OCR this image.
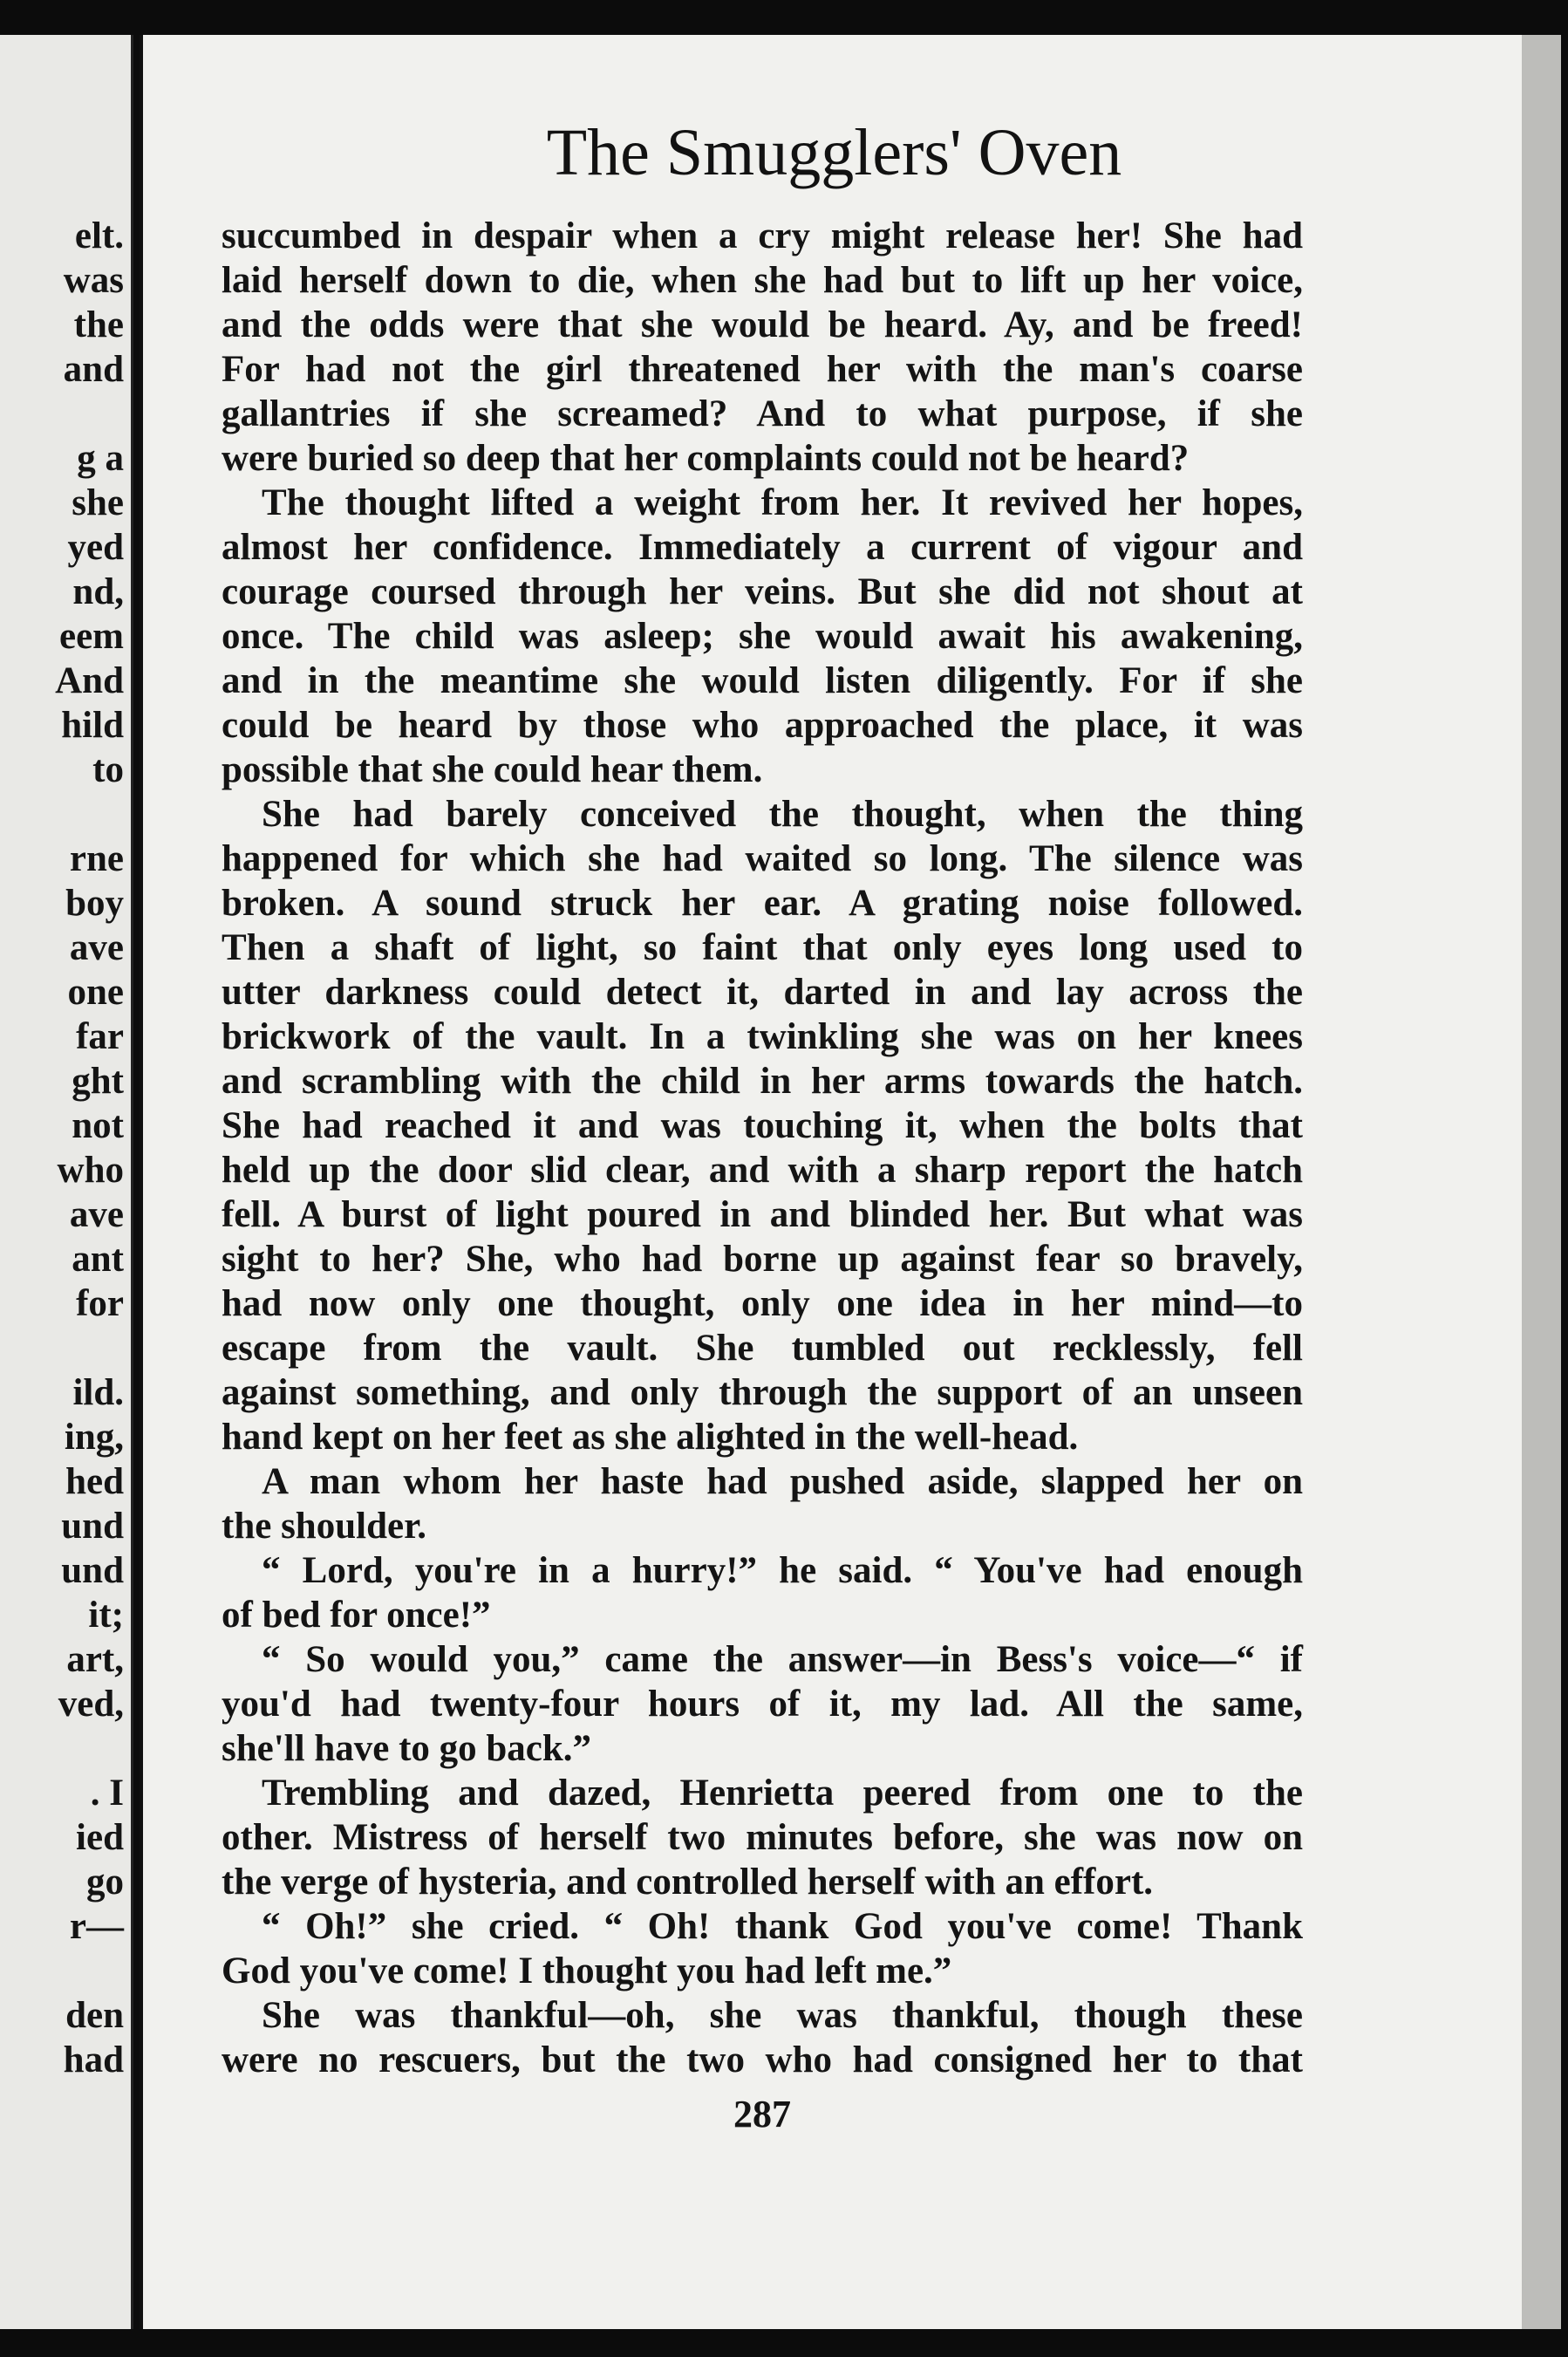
elt.
was
the
and
g a
she
yed
nd,
eem
And
hild
to
rne
boy
ave
one
far
ght
not
who
ave
ant
for
ild.
ing,
hed
und
und
it;
art,
ved,
. I
ied
go
r—
den
had
The Smugglers' Oven
succumbed in despair when a cry might release her! She had
laid herself down to die, when she had but to lift up her voice,
and the odds were that she would be heard. Ay, and be freed!
For had not the girl threatened her with the man's coarse
gallantries if she screamed? And to what purpose, if she
were buried so deep that her complaints could not be heard?
The thought lifted a weight from her. It revived her hopes,
almost her confidence. Immediately a current of vigour and
courage coursed through her veins. But she did not shout at
once. The child was asleep; she would await his awakening,
and in the meantime she would listen diligently. For if she
could be heard by those who approached the place, it was
possible that she could hear them.
She had barely conceived the thought, when the thing
happened for which she had waited so long. The silence was
broken. A sound struck her ear. A grating noise followed.
Then a shaft of light, so faint that only eyes long used to
utter darkness could detect it, darted in and lay across the
brickwork of the vault. In a twinkling she was on her knees
and scrambling with the child in her arms towards the hatch.
She had reached it and was touching it, when the bolts that
held up the door slid clear, and with a sharp report the hatch
fell. A burst of light poured in and blinded her. But what was
sight to her? She, who had borne up against fear so bravely,
had now only one thought, only one idea in her mind—to
escape from the vault. She tumbled out recklessly, fell
against something, and only through the support of an unseen
hand kept on her feet as she alighted in the well-head.
A man whom her haste had pushed aside, slapped her on
the shoulder.
“ Lord, you're in a hurry!” he said. “ You've had enough
of bed for once!”
“ So would you,” came the answer—in Bess's voice—“ if
you'd had twenty-four hours of it, my lad. All the same,
she'll have to go back.”
Trembling and dazed, Henrietta peered from one to the
other. Mistress of herself two minutes before, she was now on
the verge of hysteria, and controlled herself with an effort.
“ Oh!” she cried. “ Oh! thank God you've come! Thank
God you've come! I thought you had left me.”
She was thankful—oh, she was thankful, though these
were no rescuers, but the two who had consigned her to that
287
